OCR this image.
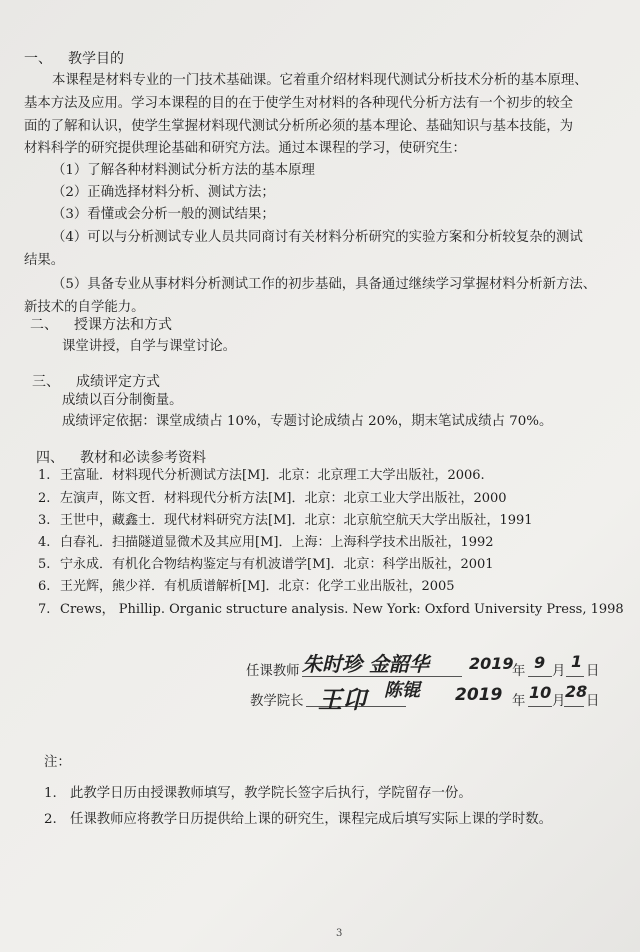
一、 教学目的
本课程是材料专业的一门技术基础课。它着重介绍材料现代测试分析技术分析的基本原理、
基本方法及应用。学习本课程的目的在于使学生对材料的各种现代分析方法有一个初步的较全
面的了解和认识，使学生掌握材料现代测试分析所必须的基本理论、基础知识与基本技能，为
材料科学的研究提供理论基础和研究方法。通过本课程的学习，使研究生：
（1）了解各种材料测试分析方法的基本原理
（2）正确选择材料分析、测试方法；
（3）看懂或会分析一般的测试结果；
（4）可以与分析测试专业人员共同商讨有关材料分析研究的实验方案和分析较复杂的测试
结果。
（5）具备专业从事材料分析测试工作的初步基础，具备通过继续学习掌握材料分析新方法、
新技术的自学能力。
二、 授课方法和方式
课堂讲授，自学与课堂讨论。
三、 成绩评定方式
成绩以百分制衡量。
成绩评定依据：课堂成绩占 10%，专题讨论成绩占 20%，期末笔试成绩占 70%。
四、 教材和必读参考资料
1. 王富耻．材料现代分析测试方法[M]．北京：北京理工大学出版社，2006.
2. 左演声，陈文哲．材料现代分析方法[M]．北京：北京工业大学出版社，2000
3. 王世中，藏鑫士．现代材料研究方法[M]．北京：北京航空航天大学出版社，1991
4. 白春礼．扫描隧道显微术及其应用[M]．上海：上海科学技术出版社，1992
5. 宁永成．有机化合物结构鉴定与有机波谱学[M]．北京：科学出版社，2001
6. 王光辉，熊少祥．有机质谱解析[M]．北京：化学工业出版社，2005
7. Crews， Phillip. Organic structure analysis. New York: Oxford University Press, 1998
任课教师 朱时珍 金韶华
陈锟
2019
年 9 月
1
日
教学院长 王卬	2019 年 10 月
28
日
注：
1. 此教学日历由授课教师填写，教学院长签字后执行，学院留存一份。
2. 任课教师应将教学日历提供给上课的研究生，课程完成后填写实际上课的学时数。
3
